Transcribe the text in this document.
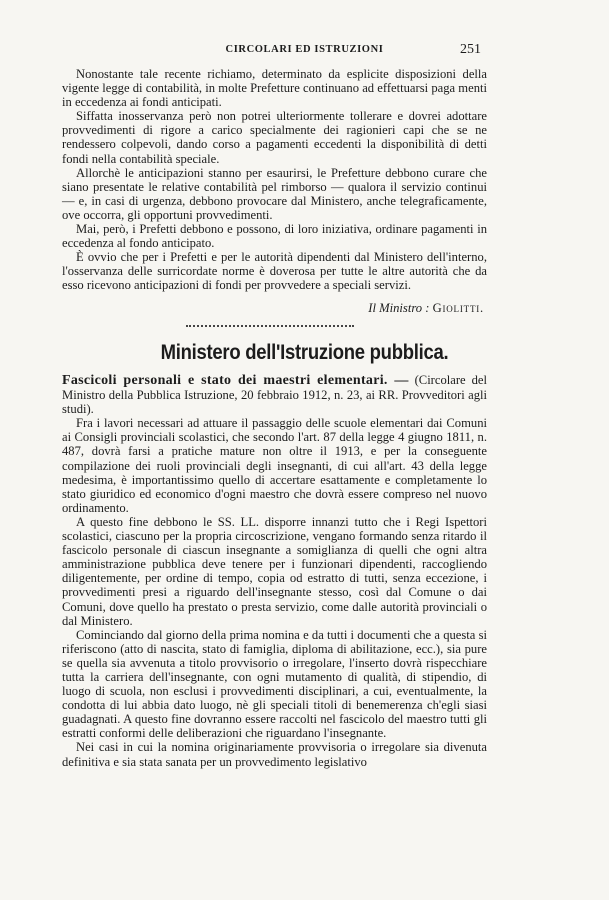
CIRCOLARI ED ISTRUZIONI	251

Nonostante tale recente richiamo, determinato da esplicite disposizioni della vigente legge di contabilità, in molte Prefetture continuano ad effettuarsi paga menti in eccedenza ai fondi anticipati.

Siffatta inosservanza però non potrei ulteriormente tollerare e dovrei adottare provvedimenti di rigore a carico specialmente dei ragionieri capi che se ne rendessero colpevoli, dando corso a pagamenti eccedenti la disponibilità di detti fondi nella contabilità speciale.

Allorchè le anticipazioni stanno per esaurirsi, le Prefetture debbono curare che siano presentate le relative contabilità pel rimborso — qualora il servizio continui — e, in casi di urgenza, debbono provocare dal Ministero, anche telegraficamente, ove occorra, gli opportuni provvedimenti.

Mai, però, i Prefetti debbono e possono, di loro iniziativa, ordinare pagamenti in eccedenza al fondo anticipato.

È ovvio che per i Prefetti e per le autorità dipendenti dal Ministero dell'interno, l'osservanza delle surricordate norme è doverosa per tutte le altre autorità che da esso ricevono anticipazioni di fondi per provvedere a speciali servizi.

Il Ministro : Giolitti.
Ministero dell'Istruzione pubblica.

Fascicoli personali e stato dei maestri elementari. — (Circolare del Ministro della Pubblica Istruzione, 20 febbraio 1912, n. 23, ai RR. Provveditori agli studi).

Fra i lavori necessari ad attuare il passaggio delle scuole elementari dai Comuni ai Consigli provinciali scolastici, che secondo l'art. 87 della legge 4 giugno 1811, n. 487, dovrà farsi a pratiche mature non oltre il 1913, e per la conseguente compilazione dei ruoli provinciali degli insegnanti, di cui all'art. 43 della legge medesima, è importantissimo quello di accertare esattamente e completamente lo stato giuridico ed economico d'ogni maestro che dovrà essere compreso nel nuovo ordinamento.

A questo fine debbono le SS. LL. disporre innanzi tutto che i Regi Ispettori scolastici, ciascuno per la propria circoscrizione, vengano formando senza ritardo il fascicolo personale di ciascun insegnante a somiglianza di quelli che ogni altra amministrazione pubblica deve tenere per i funzionari dipendenti, raccogliendo diligentemente, per ordine di tempo, copia od estratto di tutti, senza eccezione, i provvedimenti presi a riguardo dell'insegnante stesso, così dal Comune o dai Comuni, dove quello ha prestato o presta servizio, come dalle autorità provinciali o dal Ministero.

Cominciando dal giorno della prima nomina e da tutti i documenti che a questa si riferiscono (atto di nascita, stato di famiglia, diploma di abilitazione, ecc.), sia pure se quella sia avvenuta a titolo provvisorio o irregolare, l'inserto dovrà rispecchiare tutta la carriera dell'insegnante, con ogni mutamento di qualità, di stipendio, di luogo di scuola, non esclusi i provvedimenti disciplinari, a cui, eventualmente, la condotta di lui abbia dato luogo, nè gli speciali titoli di benemerenza ch'egli siasi guadagnati. A questo fine dovranno essere raccolti nel fascicolo del maestro tutti gli estratti conformi delle deliberazioni che riguardano l'insegnante.

Nei casi in cui la nomina originariamente provvisoria o irregolare sia divenuta definitiva e sia stata sanata per un provvedimento legislativo
